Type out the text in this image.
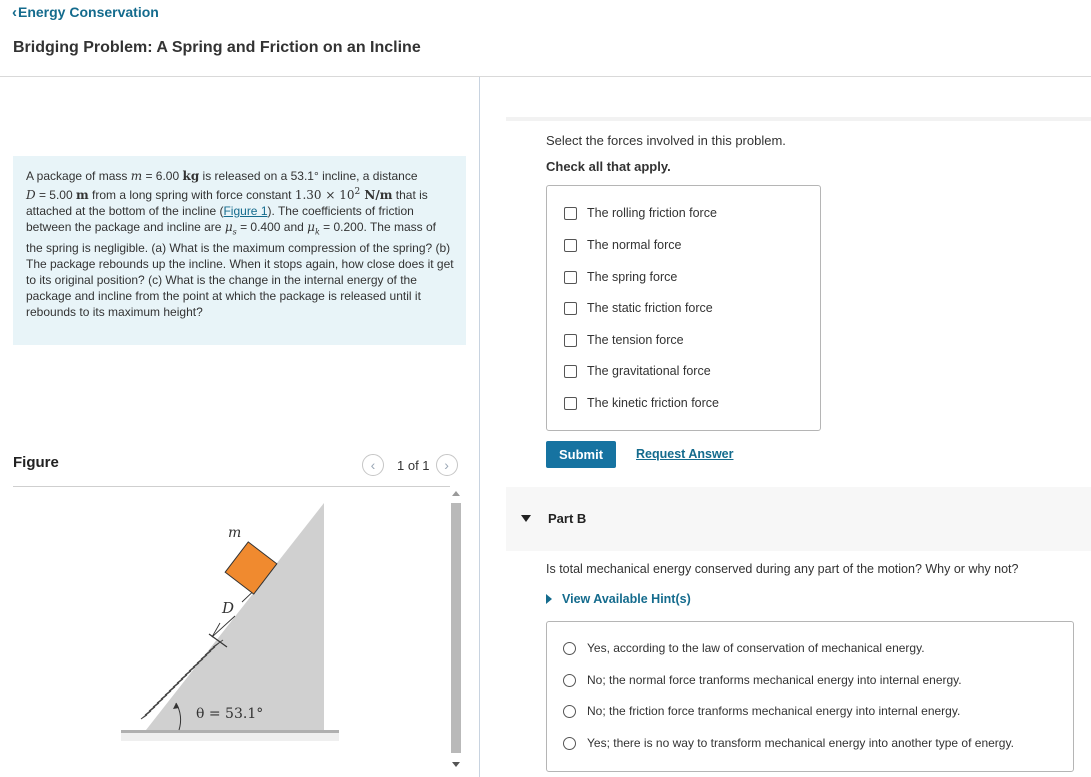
‹Energy Conservation
Bridging Problem: A Spring and Friction on an Incline
A package of mass m = 6.00 kg is released on a 53.1° incline, a distance
D = 5.00 m from a long spring with force constant $1.30 \times 10^2$ N/m that is attached at the bottom of the incline (Figure 1). The coefficients of friction between the package and incline are $\mu_s = 0.400$ and $\mu_k = 0.200$. The mass of the spring is negligible. (a) What is the maximum compression of the spring? (b) The package rebounds up the incline. When it stops again, how close does it get to its original position? (c) What is the change in the internal energy of the package and incline from the point at which the package is released until it rebounds to its maximum height?
Figure	‹ 1 of 1 ›
m
D
θ = 53.1°
Select the forces involved in this problem.
Check all that apply.
The rolling friction force
The normal force
The spring force
The static friction force
The tension force
The gravitational force
The kinetic friction force
Submit	Request Answer
Part B
Is total mechanical energy conserved during any part of the motion? Why or why not?
View Available Hint(s)
Yes, according to the law of conservation of mechanical energy.
No; the normal force tranforms mechanical energy into internal energy.
No; the friction force tranforms mechanical energy into internal energy.
Yes; there is no way to transform mechanical energy into another type of energy.
